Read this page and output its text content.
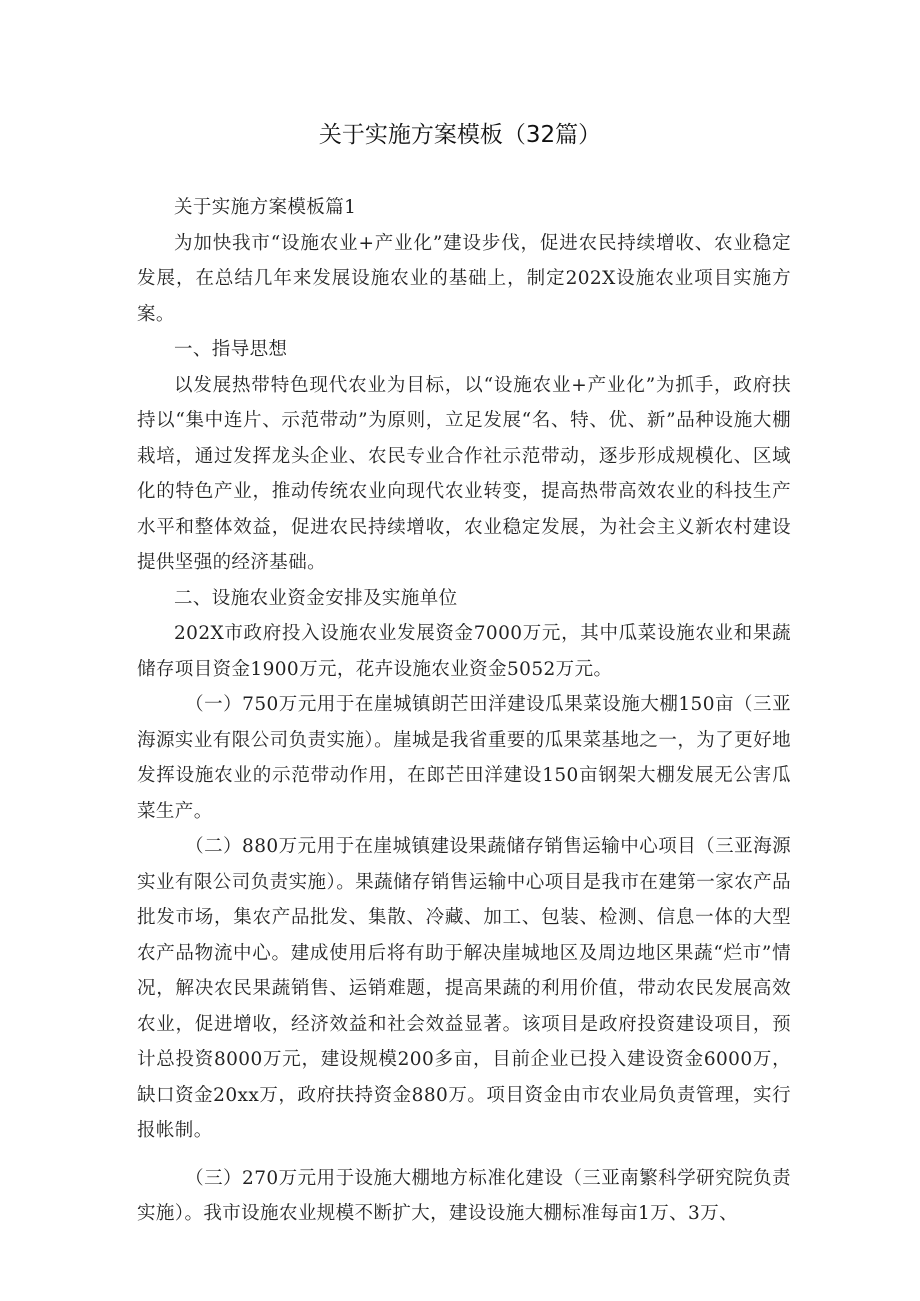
关于实施方案模板（32篇）

关于实施方案模板篇1

为加快我市“设施农业+产业化”建设步伐，促进农民持续增收、农业稳定发展，在总结几年来发展设施农业的基础上，制定202X设施农业项目实施方案。

一、指导思想

以发展热带特色现代农业为目标，以“设施农业+产业化”为抓手，政府扶持以“集中连片、示范带动”为原则，立足发展“名、特、优、新”品种设施大棚栽培，通过发挥龙头企业、农民专业合作社示范带动，逐步形成规模化、区域化的特色产业，推动传统农业向现代农业转变，提高热带高效农业的科技生产水平和整体效益，促进农民持续增收，农业稳定发展，为社会主义新农村建设提供坚强的经济基础。

二、设施农业资金安排及实施单位

202X市政府投入设施农业发展资金7000万元，其中瓜菜设施农业和果蔬储存项目资金1900万元，花卉设施农业资金5052万元。

（一）750万元用于在崖城镇朗芒田洋建设瓜果菜设施大棚150亩（三亚海源实业有限公司负责实施）。崖城是我省重要的瓜果菜基地之一，为了更好地发挥设施农业的示范带动作用，在郎芒田洋建设150亩钢架大棚发展无公害瓜菜生产。

（二）880万元用于在崖城镇建设果蔬储存销售运输中心项目（三亚海源实业有限公司负责实施）。果蔬储存销售运输中心项目是我市在建第一家农产品批发市场，集农产品批发、集散、冷藏、加工、包装、检测、信息一体的大型农产品物流中心。建成使用后将有助于解决崖城地区及周边地区果蔬“烂市”情况，解决农民果蔬销售、运销难题，提高果蔬的利用价值，带动农民发展高效农业，促进增收，经济效益和社会效益显著。该项目是政府投资建设项目，预计总投资8000万元，建设规模200多亩，目前企业已投入建设资金6000万，缺口资金20xx万，政府扶持资金880万。项目资金由市农业局负责管理，实行报帐制。

（三）270万元用于设施大棚地方标准化建设（三亚南繁科学研究院负责实施）。我市设施农业规模不断扩大，建设设施大棚标准每亩1万、3万、
